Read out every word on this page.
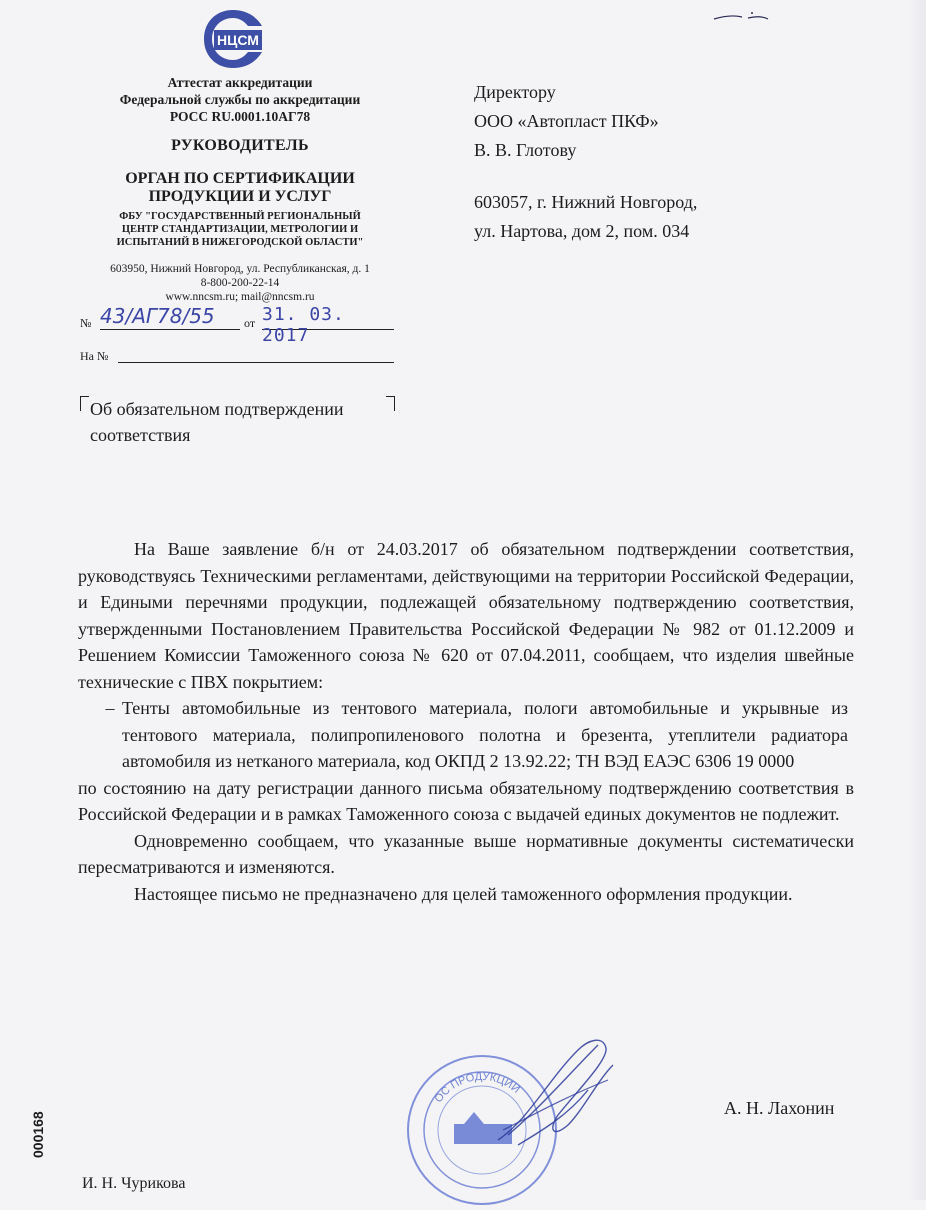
НЦСМ
Аттестат аккредитации
Федеральной службы по аккредитации
РОСС RU.0001.10АГ78
РУКОВОДИТЕЛЬ
ОРГАН ПО СЕРТИФИКАЦИИ
ПРОДУКЦИИ И УСЛУГ
ФБУ "ГОСУДАРСТВЕННЫЙ РЕГИОНАЛЬНЫЙ
ЦЕНТР СТАНДАРТИЗАЦИИ, МЕТРОЛОГИИ И
ИСПЫТАНИЙ В НИЖЕГОРОДСКОЙ ОБЛАСТИ"
603950, Нижний Новгород, ул. Республиканская, д. 1
8-800-200-22-14
www.nncsm.ru; mail@nncsm.ru
№ 43/АГ78/55	от 31. 03. 2017
На №
Об обязательном подтверждении
соответствия
Директору
ООО «Автопласт ПКФ»
В. В. Глотову
603057, г. Нижний Новгород,
ул. Нартова, дом 2, пом. 034

На Ваше заявление б/н от 24.03.2017 об обязательном подтверждении соответствия, руководствуясь Техническими регламентами, действующими на территории Российской Федерации, и Едиными перечнями продукции, подлежащей обязательному подтверждению соответствия, утвержденными Постановлением Правительства Российской Федерации № 982 от 01.12.2009 и Решением Комиссии Таможенного союза № 620 от 07.04.2011, сообщаем, что изделия швейные технические с ПВХ покрытием:

– Тенты автомобильные из тентового материала, пологи автомобильные и укрывные из тентового материала, полипропиленового полотна и брезента, утеплители радиатора автомобиля из нетканого материала, код ОКПД 2 13.92.22; ТН ВЭД ЕАЭС 6306 19 0000

по состоянию на дату регистрации данного письма обязательному подтверждению соответствия в Российской Федерации и в рамках Таможенного союза с выдачей единых документов не подлежит.

Одновременно сообщаем, что указанные выше нормативные документы систематически пересматриваются и изменяются.

Настоящее письмо не предназначено для целей таможенного оформления продукции.

ОС ПРОДУКЦИИ
А. Н. Лахонин
И. Н. Чурикова
000168
